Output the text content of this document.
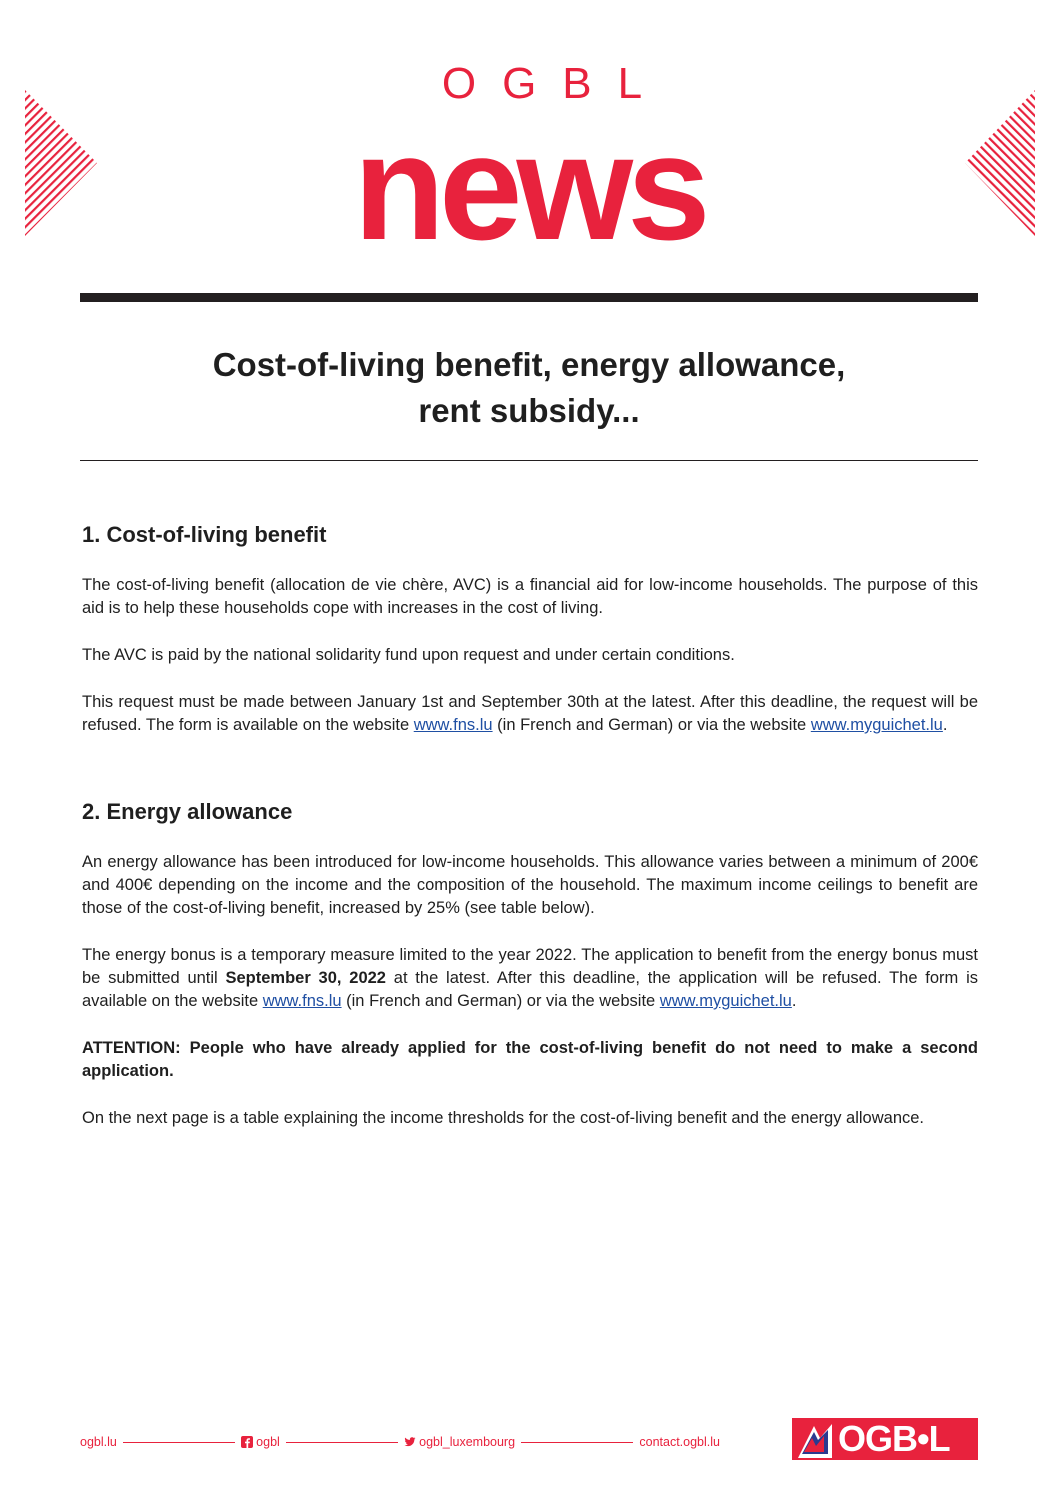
OGBL
news
Cost-of-living benefit, energy allowance,
rent subsidy...
1. Cost-of-living benefit

The cost-of-living benefit (allocation de vie chère, AVC) is a financial aid for low-income households. The purpose of this aid is to help these households cope with increases in the cost of living.

The AVC is paid by the national solidarity fund upon request and under certain conditions.

This request must be made between January 1st and September 30th at the latest. After this deadline, the request will be refused. The form is available on the website www.fns.lu (in French and German) or via the website www.myguichet.lu.

2. Energy allowance

An energy allowance has been introduced for low-income households. This allowance varies between a minimum of 200€ and 400€ depending on the income and the composition of the household. The maximum income ceilings to benefit are those of the cost-of-living benefit, increased by 25% (see table below).

The energy bonus is a temporary measure limited to the year 2022. The application to benefit from the energy bonus must be submitted until September 30, 2022 at the latest. After this deadline, the application will be refused. The form is available on the website www.fns.lu (in French and German) or via the website www.myguichet.lu.

ATTENTION: People who have already applied for the cost-of-living benefit do not need to make a second application.

On the next page is a table explaining the income thresholds for the cost-of-living benefit and the energy allowance.

ogbl.lu	ogbl	ogbl_luxembourg	contact.ogbl.lu	OGB•L
